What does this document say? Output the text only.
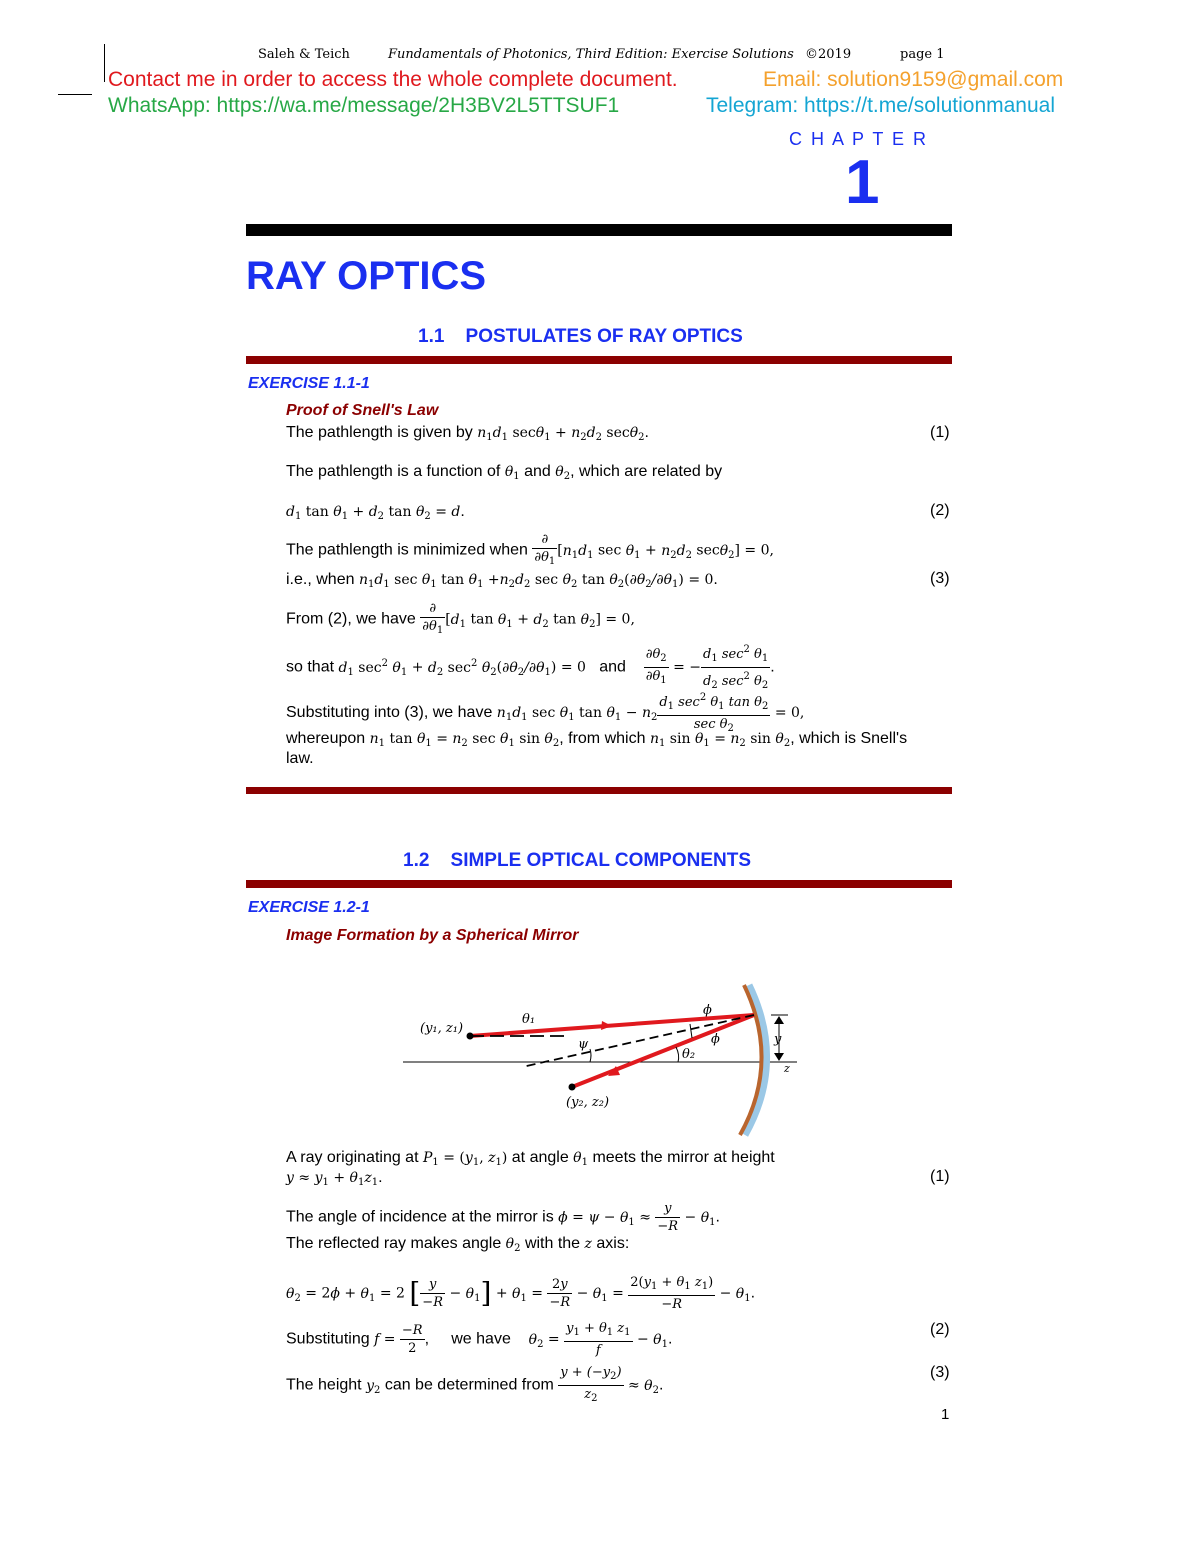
Saleh & Teich	Fundamentals of Photonics, Third Edition: Exercise Solutions ©2019	page 1
Contact me in order to access the whole complete document.	Email: solution9159@gmail.com
WhatsApp: https://wa.me/message/2H3BV2L5TTSUF1	Telegram: https://t.me/solutionmanual
C H A P T E R
1
RAY OPTICS
1.1    POSTULATES OF RAY OPTICS
EXERCISE 1.1-1
Proof of Snell's Law
The pathlength is given by $n_1d_1$ $\sec\theta_1 + n_2d_2$ secθ$_2$.	(1)
The pathlength is a function of $\theta_1$ and $\theta_2$, which are related by
$d_1$ $\tan \theta_1 + d_2$ $\tan \theta_2 = d$.	(2)
The pathlength is minimized when $\frac{\partial}{\partial\theta_1} [n_1d_1$ $\sec \theta_1 + n_2d_2$ secθ$_2$] = 0,
i.e., when $n_1d_1$ $\sec \theta_1$ $\tan \theta_1 +n_2d_2$ $\sec \theta_2$ $\tan \theta_2(\partial\theta_2/\partial\theta_1) = 0$.	(3)
From (2), we have $\frac{\partial}{\partial\theta_1} [d_1$ $\tan \theta_1 + d_2$ $\tan \theta_2] = 0$,
so that $d_1$ $\sec^2 \theta_1 + d_2$ $\sec^2 \theta_2(\partial\theta_2/\partial\theta_1) = 0$ and $\frac{\partial\theta_2}{\partial\theta_1}$ = − $\frac{d_1 \sec^2 \theta_1}{d_2 \sec^2 \theta_2}$ .
Substituting into (3), we have $n_1d_1$ $\sec \theta_1$ $\tan \theta_1 - n_2 \frac{d_1 \sec^2 \theta_1 \tan \theta_2}{\sec \theta_2} = 0$,
whereupon $n_1$ $\tan \theta_1 = n_2$ $\sec \theta_1$ $\sin \theta_2$, from which $n_1$ $\sin \theta_1 = n_2$ $\sin \theta_2$, which is Snell's
law.
1.2    SIMPLE OPTICAL COMPONENTS
EXERCISE 1.2-1
Image Formation by a Spherical Mirror
(y₁, z₁)
(y₂, z₂)
θ₁
θ₂
ϕ
ϕ
ψ	y
z
A ray originating at $P_1 = (y_1$, $z_1$) at angle $\theta_1$ meets the mirror at height
$y \approx y_1 + \theta_1z_1$.	(1)
The angle of incidence at the mirror is $\phi = \psi - \theta_1 \approx \frac{y}{-R} - \theta_1$.
The reflected ray makes angle $\theta_2$ with the z axis:
$\theta_2 = 2\phi + \theta_1 = 2$ [ $\frac{y}{-R} - \theta_1] + \theta_1 = \frac{2y}{-R} - \theta_1 = \frac{2(y_1 + \theta_1 z_1)}{-R} - \theta_1$.
Substituting $f = \frac{-R}{2}$ ,     we have $\theta_2 = \frac{y_1 + \theta_1 z_1}{f} - \theta_1$.
(2)
The height $y_2$ can be determined from $\frac{y + (-y_2)}{z_2} \approx \theta_2$.
(3)
1
